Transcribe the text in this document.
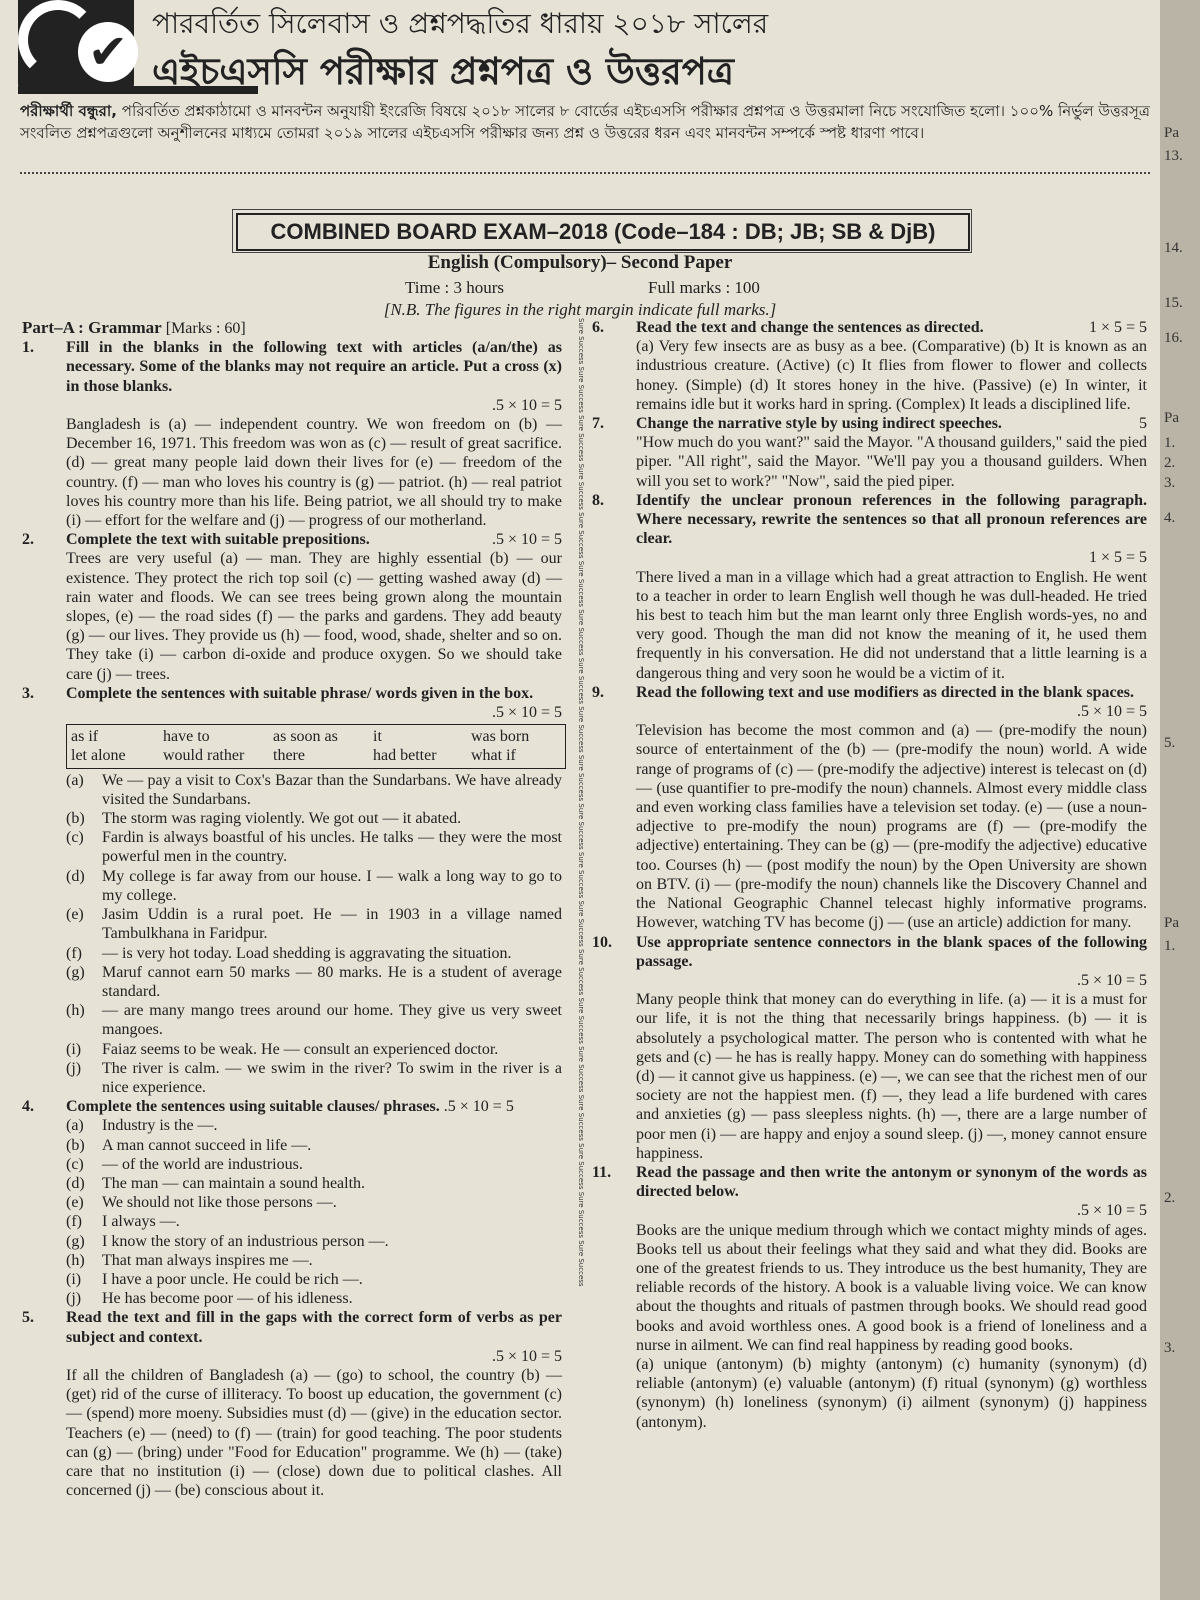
✔
পারবর্তিত সিলেবাস ও প্রশ্নপদ্ধতির ধারায় ২০১৮ সালের
এইচএসসি পরীক্ষার প্রশ্নপত্র ও উত্তরপত্র
পরীক্ষার্থী বন্ধুরা, পরিবর্তিত প্রশ্নকাঠামো ও মানবন্টন অনুযায়ী ইংরেজি বিষয়ে ২০১৮ সালের ৮ বোর্ডের এইচএসসি পরীক্ষার প্রশ্নপত্র ও উত্তরমালা নিচে সংযোজিত হলো। ১০০% নির্ভুল উত্তরসূত্র সংবলিত প্রশ্নপত্রগুলো অনুশীলনের মাধ্যমে তোমরা ২০১৯ সালের এইচএসসি পরীক্ষার জন্য প্রশ্ন ও উত্তরের ধরন এবং মানবন্টন সম্পর্কে স্পষ্ট ধারণা পাবে।
COMBINED BOARD EXAM–2018 (Code–184 : DB; JB; SB & DjB)
English (Compulsory)– Second Paper
Time : 3 hours	Full marks : 100
[N.B. The figures in the right margin indicate full marks.]
Part–A : Grammar [Marks : 60]
1.	Fill in the blanks in the following text with articles (a/an/the) as necessary. Some of the blanks may not require an article. Put a cross (x) in those blanks.
.5 × 10 = 5
Bangladesh is (a) — independent country. We won freedom on (b) — December 16, 1971. This freedom was won as (c) — result of great sacrifice. (d) — great many people laid down their lives for (e) — freedom of the country. (f) — man who loves his country is (g) — patriot. (h) — real patriot loves his country more than his life. Being patriot, we all should try to make (i) — effort for the welfare and (j) — progress of our motherland.
2.	Complete the text with suitable prepositions.	.5 × 10 = 5
Trees are very useful (a) — man. They are highly essential (b) — our existence. They protect the rich top soil (c) — getting washed away (d) — rain water and floods. We can see trees being grown along the mountain slopes, (e) — the road sides (f) — the parks and gardens. They add beauty (g) — our lives. They provide us (h) — food, wood, shade, shelter and so on. They take (i) — carbon di-oxide and produce oxygen. So we should take care (j) — trees.
3.	Complete the sentences with suitable phrase/ words given in the box.
.5 × 10 = 5
as if	have to	as soon as	it	was born
let alone	would rather	there	had better	what if
(a)	We — pay a visit to Cox's Bazar than the Sundarbans. We have already visited the Sundarbans.
(b)	The storm was raging violently. We got out — it abated.
(c)	Fardin is always boastful of his uncles. He talks — they were the most powerful men in the country.
(d)	My college is far away from our house. I — walk a long way to go to my college.
(e)	Jasim Uddin is a rural poet. He — in 1903 in a village named Tambulkhana in Faridpur.
(f)	— is very hot today. Load shedding is aggravating the situation.
(g)	Maruf cannot earn 50 marks — 80 marks. He is a student of average standard.
(h)	— are many mango trees around our home. They give us very sweet mangoes.
(i)	Faiaz seems to be weak. He — consult an experienced doctor.
(j)	The river is calm. — we swim in the river? To swim in the river is a nice experience.
4.	Complete the sentences using suitable clauses/ phrases. .5 × 10 = 5
(a)	Industry is the —.
(b)	A man cannot succeed in life —.
(c)	— of the world are industrious.
(d)	The man — can maintain a sound health.
(e)	We should not like those persons —.
(f)	I always —.
(g)	I know the story of an industrious person —.
(h)	That man always inspires me —.
(i)	I have a poor uncle. He could be rich —.
(j)	He has become poor — of his idleness.
5.	Read the text and fill in the gaps with the correct form of verbs as per subject and context.
.5 × 10 = 5
If all the children of Bangladesh (a) — (go) to school, the country (b) — (get) rid of the curse of illiteracy. To boost up education, the government (c) — (spend) more moeny. Subsidies must (d) — (give) in the education sector. Teachers (e) — (need) to (f) — (train) for good teaching. The poor students can (g) — (bring) under "Food for Education" programme. We (h) — (take) care that no institution (i) — (close) down due to political clashes. All concerned (j) — (be) conscious about it.
Sure Success Sure Success Sure Success Sure Success Sure Success Sure Success Sure Success Sure Success Sure Success Sure Success Sure Success Sure Success Sure Success Sure Success Sure Success Sure Success Sure Success Sure Success Sure Success Sure Success 6.	Read the text and change the sentences as directed.	1 × 5 = 5
(a) Very few insects are as busy as a bee. (Comparative) (b) It is known as an industrious creature. (Active) (c) It flies from flower to flower and collects honey. (Simple) (d) It stores honey in the hive. (Passive) (e) In winter, it remains idle but it works hard in spring. (Complex) It leads a disciplined life.
7.	Change the narrative style by using indirect speeches.	5
"How much do you want?" said the Mayor. "A thousand guilders," said the pied piper. "All right", said the Mayor. "We'll pay you a thousand guilders. When will you set to work?" "Now", said the pied piper.
8.	Identify the unclear pronoun references in the following paragraph. Where necessary, rewrite the sentences so that all pronoun references are clear.
1 × 5 = 5
There lived a man in a village which had a great attraction to English. He went to a teacher in order to learn English well though he was dull-headed. He tried his best to teach him but the man learnt only three English words-yes, no and very good. Though the man did not know the meaning of it, he used them frequently in his conversation. He did not understand that a little learning is a dangerous thing and very soon he would be a victim of it.
9.	Read the following text and use modifiers as directed in the blank spaces.
.5 × 10 = 5
Television has become the most common and (a) — (pre-modify the noun) source of entertainment of the (b) — (pre-modify the noun) world. A wide range of programs of (c) — (pre-modify the adjective) interest is telecast on (d) — (use quantifier to pre-modify the noun) channels. Almost every middle class and even working class families have a television set today. (e) — (use a noun-adjective to pre-modify the noun) programs are (f) — (pre-modify the adjective) entertaining. They can be (g) — (pre-modify the adjective) educative too. Courses (h) — (post modify the noun) by the Open University are shown on BTV. (i) — (pre-modify the noun) channels like the Discovery Channel and the National Geographic Channel telecast highly informative programs. However, watching TV has become (j) — (use an article) addiction for many.
10.	Use appropriate sentence connectors in the blank spaces of the following passage.
.5 × 10 = 5
Many people think that money can do everything in life. (a) — it is a must for our life, it is not the thing that necessarily brings happiness. (b) — it is absolutely a psychological matter. The person who is contented with what he gets and (c) — he has is really happy. Money can do something with happiness (d) — it cannot give us happiness. (e) —, we can see that the richest men of our society are not the happiest men. (f) —, they lead a life burdened with cares and anxieties (g) — pass sleepless nights. (h) —, there are a large number of poor men (i) — are happy and enjoy a sound sleep. (j) —, money cannot ensure happiness.
11.	Read the passage and then write the antonym or synonym of the words as directed below.
.5 × 10 = 5
Books are the unique medium through which we contact mighty minds of ages. Books tell us about their feelings what they said and what they did. Books are one of the greatest friends to us. They introduce us the best humanity, They are reliable records of the history. A book is a valuable living voice. We can know about the thoughts and rituals of pastmen through books. We should read good books and avoid worthless ones. A good book is a friend of loneliness and a nurse in ailment. We can find real happiness by reading good books.
(a) unique (antonym) (b) mighty (antonym) (c) humanity (synonym) (d) reliable (antonym) (e) valuable (antonym) (f) ritual (synonym) (g) worthless (synonym) (h) loneliness (synonym) (i) ailment (synonym) (j) happiness (antonym).
Pa
13.
14.
15.
16.
Pa
1.
2.
3.
4.
5.
Pa
1.
2.
3.
